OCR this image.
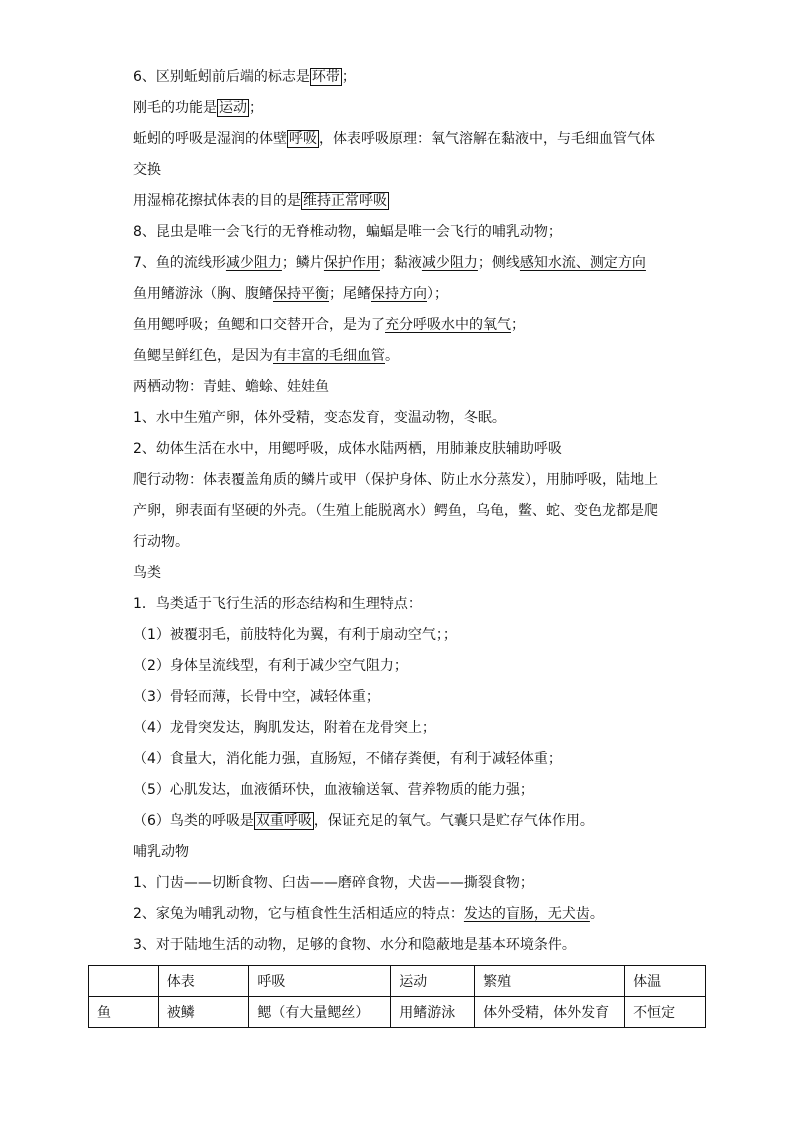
6、区别蚯蚓前后端的标志是 环带 ；
刚毛的功能是 运动 ；
蚯蚓的呼吸是湿润的体壁 呼吸 ，体表呼吸原理：氧气溶解在黏液中，与毛细血管气体
交换
用湿棉花擦拭体表的目的是 维持正常呼吸
8、昆虫是唯一会飞行的无脊椎动物，蝙蝠是唯一会飞行的哺乳动物；
7、鱼的流线形减少阻力；鳞片保护作用；黏液减少阻力；侧线感知水流、测定方向
鱼用鳍游泳（胸、腹鳍保持平衡；尾鳍保持方向）；
鱼用鳃呼吸；鱼鳃和口交替开合，是为了充分呼吸水中的氧气；
鱼鳃呈鲜红色，是因为有丰富的毛细血管。
两栖动物：青蛙、蟾蜍、娃娃鱼
1、水中生殖产卵，体外受精，变态发育，变温动物，冬眠。
2、幼体生活在水中，用鳃呼吸，成体水陆两栖，用肺兼皮肤辅助呼吸
爬行动物：体表覆盖角质的鳞片或甲（保护身体、防止水分蒸发），用肺呼吸，陆地上
产卵，卵表面有坚硬的外壳。（生殖上能脱离水）鳄鱼，乌龟，鳖、蛇、变色龙都是爬
行动物。
鸟类
1．鸟类适于飞行生活的形态结构和生理特点：
（1）被覆羽毛，前肢特化为翼，有利于扇动空气；；
（2）身体呈流线型，有利于减少空气阻力；
（3）骨轻而薄，长骨中空，减轻体重；
（4）龙骨突发达，胸肌发达，附着在龙骨突上；
（4）食量大，消化能力强，直肠短，不储存粪便，有利于减轻体重；
（5）心肌发达，血液循环快，血液输送氧、营养物质的能力强；
（6）鸟类的呼吸是 双重呼吸 ，保证充足的氧气。气囊只是贮存气体作用。
哺乳动物
1、门齿——切断食物、臼齿——磨碎食物，犬齿——撕裂食物；
2、家兔为哺乳动物，它与植食性生活相适应的特点：发达的盲肠，无犬齿。
3、对于陆地生活的动物，足够的食物、水分和隐蔽地是基本环境条件。
	体表	呼吸	运动	繁殖	体温
鱼	被鳞	鳃（有大量鳃丝）	用鳍游泳	体外受精，体外发育	不恒定
